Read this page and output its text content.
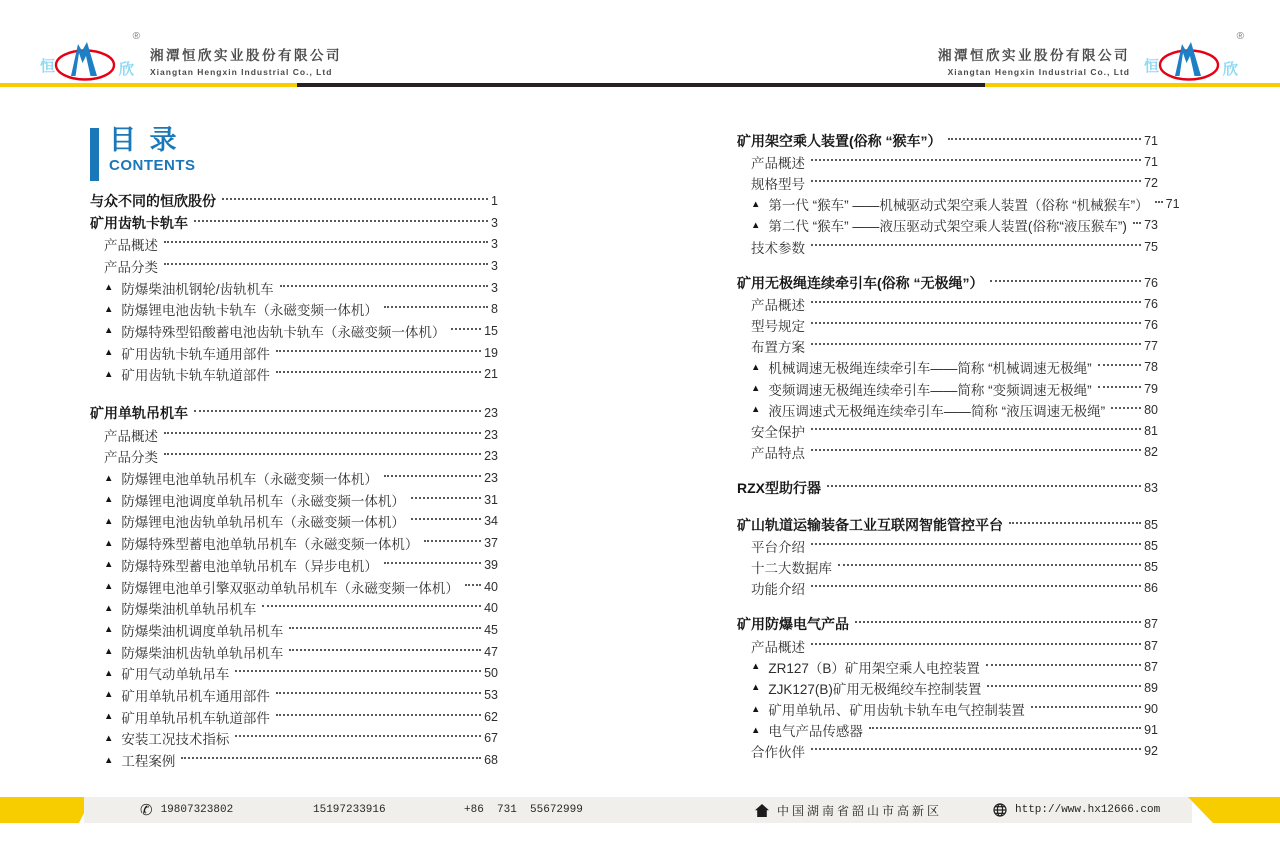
恒	欣
®
湘潭恒欣实业股份有限公司
Xiangtan Hengxin Industrial Co., Ltd	恒	欣
®
湘潭恒欣实业股份有限公司
Xiangtan Hengxin Industrial Co., Ltd
目 录
CONTENTS
与众不同的恒欣股份	1
矿用齿轨卡轨车	3
产品概述	3
产品分类	3
▲ 防爆柴油机钢轮/齿轨机车	3
▲ 防爆锂电池齿轨卡轨车（永磁变频一体机）	8
▲ 防爆特殊型铅酸蓄电池齿轨卡轨车（永磁变频一体机）	15
▲ 矿用齿轨卡轨车通用部件	19
▲ 矿用齿轨卡轨车轨道部件	21
矿用单轨吊机车	23
产品概述	23
产品分类	23
▲ 防爆锂电池单轨吊机车（永磁变频一体机）	23
▲ 防爆锂电池调度单轨吊机车（永磁变频一体机）	31
▲ 防爆锂电池齿轨单轨吊机车（永磁变频一体机）	34
▲ 防爆特殊型蓄电池单轨吊机车（永磁变频一体机）	37
▲ 防爆特殊型蓄电池单轨吊机车（异步电机）	39
▲ 防爆锂电池单引擎双驱动单轨吊机车（永磁变频一体机） 40
▲ 防爆柴油机单轨吊机车	40
▲ 防爆柴油机调度单轨吊机车	45
▲ 防爆柴油机齿轨单轨吊机车	47
▲ 矿用气动单轨吊车	50
▲ 矿用单轨吊机车通用部件	53
▲ 矿用单轨吊机车轨道部件	62
▲ 安装工况技术指标	67
▲ 工程案例	68
矿用架空乘人装置(俗称 “猴车”）	71
产品概述	71
规格型号	72
▲ 第一代 “猴车” ——机械驱动式架空乘人装置（俗称 “机械猴车”） 71
▲ 第二代 “猴车” ——液压驱动式架空乘人装置(俗称“液压猴车”) 73
技术参数	75
矿用无极绳连续牵引车(俗称 “无极绳”）	76
产品概述	76
型号规定	76
布置方案	77
▲ 机械调速无极绳连续牵引车——简称 “机械调速无极绳”	78
▲ 变频调速无极绳连续牵引车——简称 “变频调速无极绳”	79
▲ 液压调速式无极绳连续牵引车——简称 “液压调速无极绳”	80
安全保护	81
产品特点	82
RZX型助行器	83
矿山轨道运输装备工业互联网智能管控平台	85
平台介绍	85
十二大数据库	85
功能介绍	86
矿用防爆电气产品	87
产品概述	87
▲ ZR127（B）矿用架空乘人电控装置	87
▲ ZJK127(B)矿用无极绳绞车控制装置	89
▲ 矿用单轨吊、矿用齿轨卡轨车电气控制装置	90
▲ 电气产品传感器	91
合作伙伴	92
✆ 19807323802	15197233916	+86  731  55672999	中国湖南省韶山市高新区	http://www.hx12666.com
